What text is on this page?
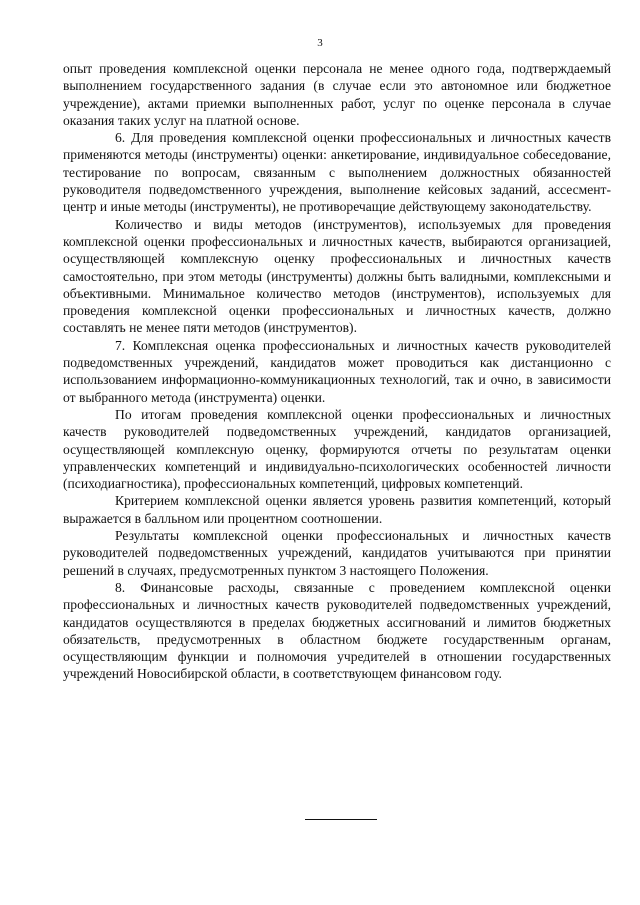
3

опыт проведения комплексной оценки персонала не менее одного года, подтверждаемый выполнением государственного задания (в случае если это автономное или бюджетное учреждение), актами приемки выполненных работ, услуг по оценке персонала в случае оказания таких услуг на платной основе.

6. Для проведения комплексной оценки профессиональных и личностных качеств применяются методы (инструменты) оценки: анкетирование, индивидуальное собеседование, тестирование по вопросам, связанным с выполнением должностных обязанностей руководителя подведомственного учреждения, выполнение кейсовых заданий, ассесмент-центр и иные методы (инструменты), не противоречащие действующему законодательству.

Количество и виды методов (инструментов), используемых для проведения комплексной оценки профессиональных и личностных качеств, выбираются организацией, осуществляющей комплексную оценку профессиональных и личностных качеств самостоятельно, при этом методы (инструменты) должны быть валидными, комплексными и объективными. Минимальное количество методов (инструментов), используемых для проведения комплексной оценки профессиональных и личностных качеств, должно составлять не менее пяти методов (инструментов).

7. Комплексная оценка профессиональных и личностных качеств руководителей подведомственных учреждений, кандидатов может проводиться как дистанционно с использованием информационно-коммуникационных технологий, так и очно, в зависимости от выбранного метода (инструмента) оценки.

По итогам проведения комплексной оценки профессиональных и личностных качеств руководителей подведомственных учреждений, кандидатов организацией, осуществляющей комплексную оценку, формируются отчеты по результатам оценки управленческих компетенций и индивидуально-психологических особенностей личности (психодиагностика), профессиональных компетенций, цифровых компетенций.

Критерием комплексной оценки является уровень развития компетенций, который выражается в балльном или процентном соотношении.

Результаты комплексной оценки профессиональных и личностных качеств руководителей подведомственных учреждений, кандидатов учитываются при принятии решений в случаях, предусмотренных пунктом 3 настоящего Положения.

8. Финансовые расходы, связанные с проведением комплексной оценки профессиональных и личностных качеств руководителей подведомственных учреждений, кандидатов осуществляются в пределах бюджетных ассигнований и лимитов бюджетных обязательств, предусмотренных в областном бюджете государственным органам, осуществляющим функции и полномочия учредителей в отношении государственных учреждений Новосибирской области, в соответствующем финансовом году.
